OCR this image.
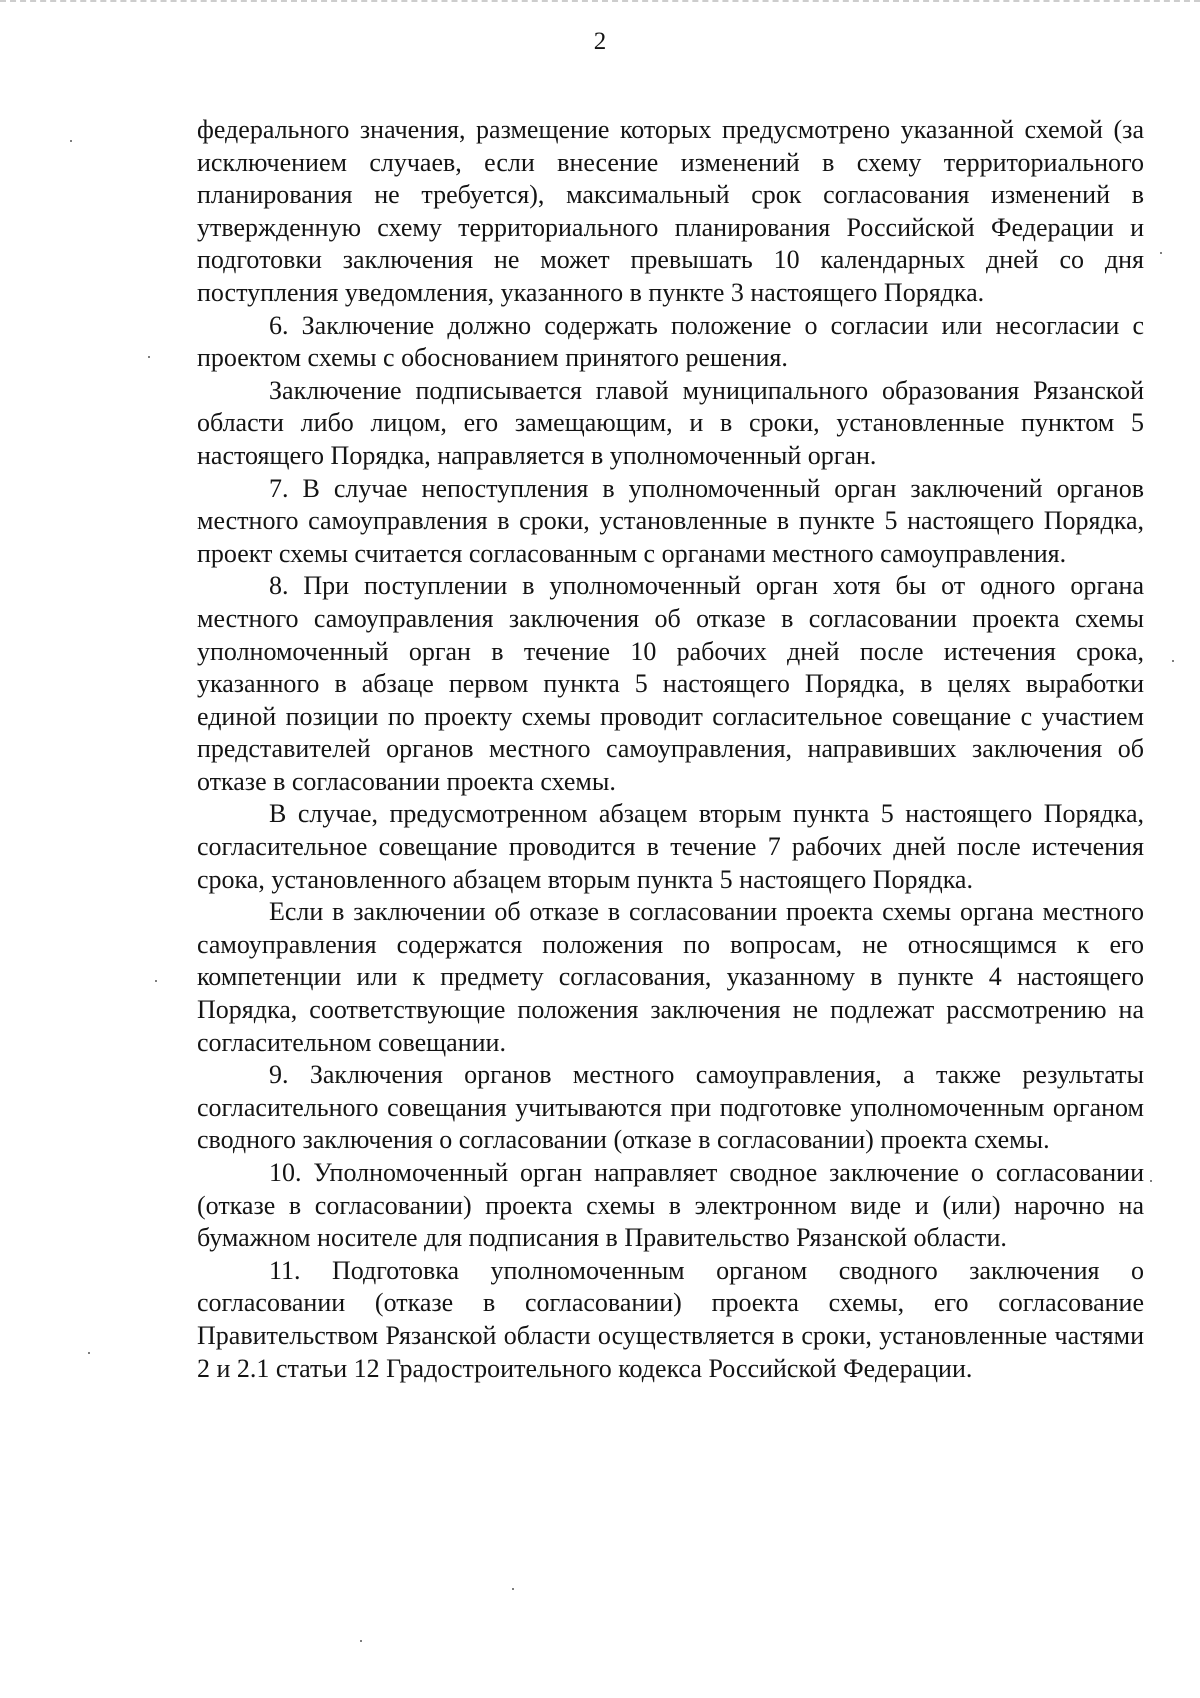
2

федерального значения, размещение которых предусмотрено указанной схемой (за исключением случаев, если внесение изменений в схему территориального планирования не требуется), максимальный срок согласования изменений в утвержденную схему территориального планирования Российской Федерации и подготовки заключения не может превышать 10 календарных дней со дня поступления уведомления, указанного в пункте 3 настоящего Порядка.

6. Заключение должно содержать положение о согласии или несогласии с проектом схемы с обоснованием принятого решения.

Заключение подписывается главой муниципального образования Рязанской области либо лицом, его замещающим, и в сроки, установленные пунктом 5 настоящего Порядка, направляется в уполномоченный орган.

7. В случае непоступления в уполномоченный орган заключений органов местного самоуправления в сроки, установленные в пункте 5 настоящего Порядка, проект схемы считается согласованным с органами местного самоуправления.

8. При поступлении в уполномоченный орган хотя бы от одного органа местного самоуправления заключения об отказе в согласовании проекта схемы уполномоченный орган в течение 10 рабочих дней после истечения срока, указанного в абзаце первом пункта 5 настоящего Порядка, в целях выработки единой позиции по проекту схемы проводит согласительное совещание с участием представителей органов местного самоуправления, направивших заключения об отказе в согласовании проекта схемы.

В случае, предусмотренном абзацем вторым пункта 5 настоящего Порядка, согласительное совещание проводится в течение 7 рабочих дней после истечения срока, установленного абзацем вторым пункта 5 настоящего Порядка.

Если в заключении об отказе в согласовании проекта схемы органа местного самоуправления содержатся положения по вопросам, не относящимся к его компетенции или к предмету согласования, указанному в пункте 4 настоящего Порядка, соответствующие положения заключения не подлежат рассмотрению на согласительном совещании.

9. Заключения органов местного самоуправления, а также результаты согласительного совещания учитываются при подготовке уполномоченным органом сводного заключения о согласовании (отказе в согласовании) проекта схемы.

10. Уполномоченный орган направляет сводное заключение о согласовании (отказе в согласовании) проекта схемы в электронном виде и (или) нарочно на бумажном носителе для подписания в Правительство Рязанской области.

11. Подготовка уполномоченным органом сводного заключения о согласовании (отказе в согласовании) проекта схемы, его согласование Правительством Рязанской области осуществляется в сроки, установленные частями 2 и 2.1 статьи 12 Градостроительного кодекса Российской Федерации.
